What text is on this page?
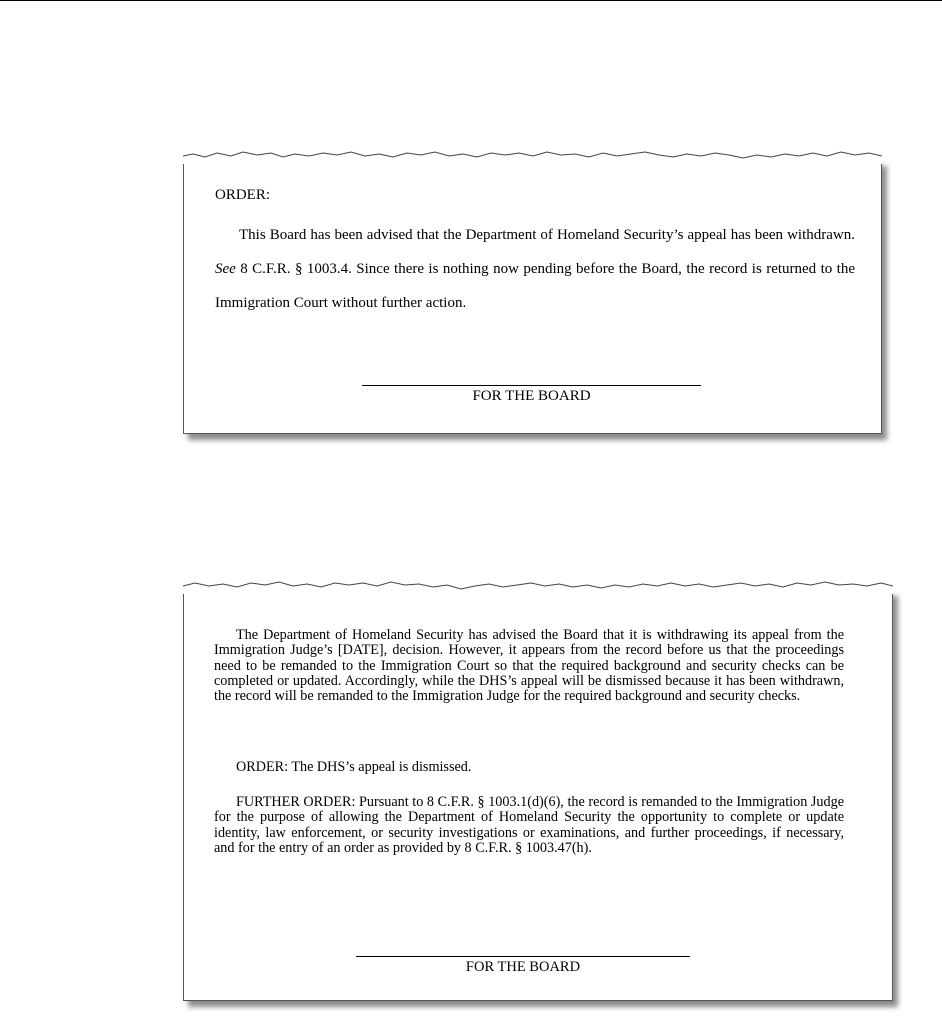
ORDER:
This Board has been advised that the Department of Homeland Security’s appeal has been withdrawn. See 8 C.F.R. § 1003.4. Since there is nothing now pending before the Board, the record is returned to the Immigration Court without further action.
FOR THE BOARD
The Department of Homeland Security has advised the Board that it is withdrawing its appeal from the Immigration Judge’s [DATE], decision. However, it appears from the record before us that the proceedings need to be remanded to the Immigration Court so that the required background and security checks can be completed or updated. Accordingly, while the DHS’s appeal will be dismissed because it has been withdrawn, the record will be remanded to the Immigration Judge for the required background and security checks.
ORDER: The DHS’s appeal is dismissed.
FURTHER ORDER: Pursuant to 8 C.F.R. § 1003.1(d)(6), the record is remanded to the Immigration Judge for the purpose of allowing the Department of Homeland Security the opportunity to complete or update identity, law enforcement, or security investigations or examinations, and further proceedings, if necessary, and for the entry of an order as provided by 8 C.F.R. § 1003.47(h).
FOR THE BOARD
